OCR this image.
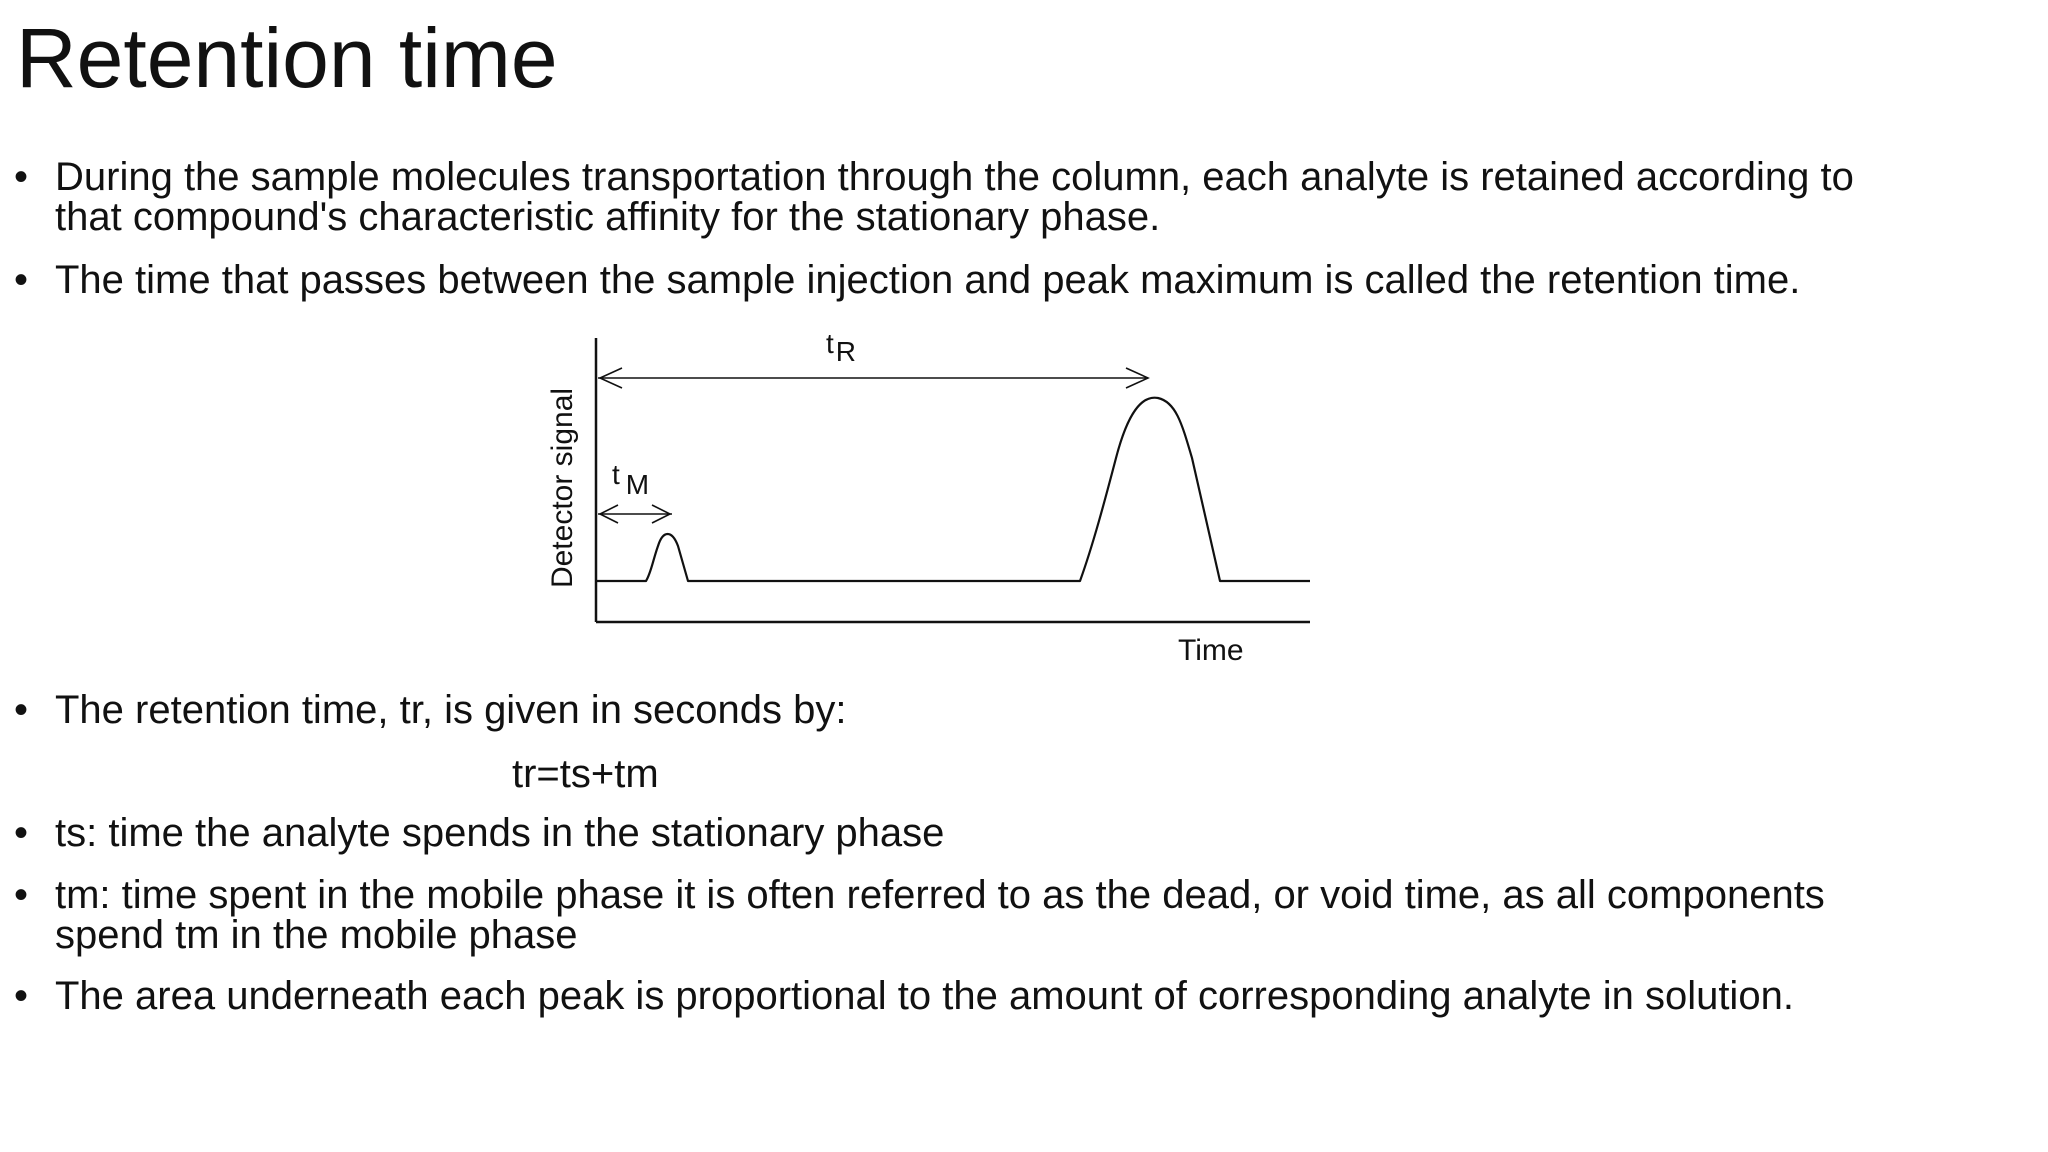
Retention time
• During the sample molecules transportation through the column, each analyte is retained according to
that compound's characteristic affinity for the stationary phase.
• The time that passes between the sample injection and peak maximum is called the retention time.
tR
t M
Detector signal
Time
• The retention time, tr, is given in seconds by:
tr=ts+tm
• ts: time the analyte spends in the stationary phase
• tm: time spent in the mobile phase it is often referred to as the dead, or void time, as all components
spend tm in the mobile phase
• The area underneath each peak is proportional to the amount of corresponding analyte in solution.
